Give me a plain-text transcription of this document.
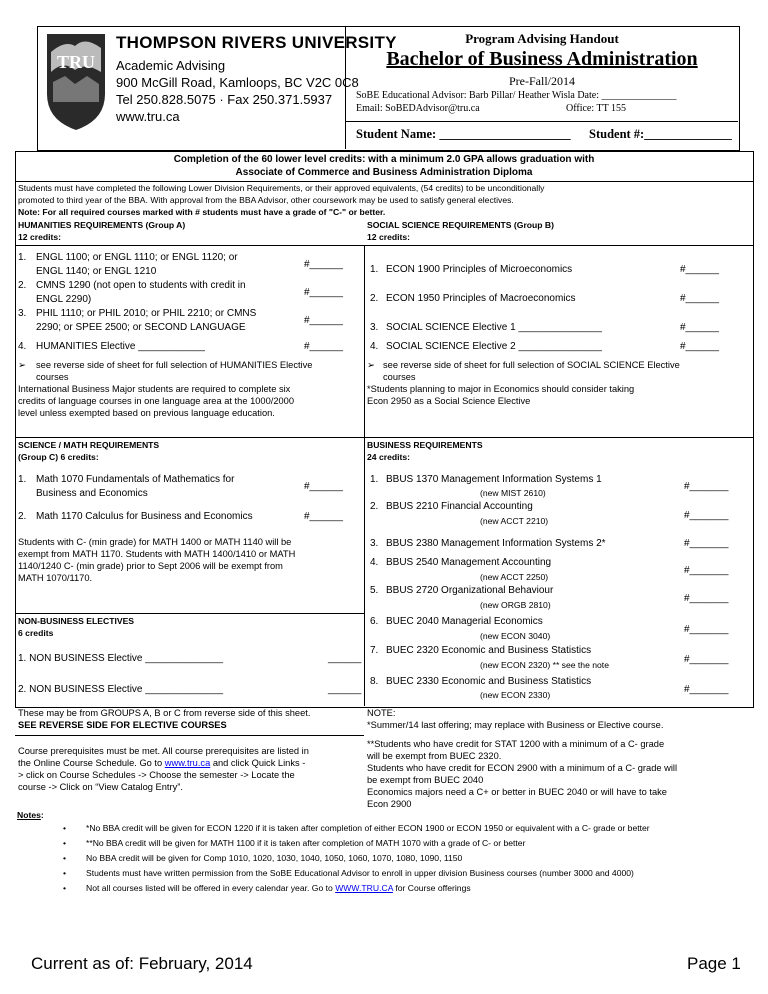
TRU
THOMPSON RIVERS UNIVERSITY
Academic Advising
900 McGill Road, Kamloops, BC V2C 0C8
Tel 250.828.5075 · Fax 250.371.5937
www.tru.ca
Program Advising Handout
Bachelor of Business Administration
Pre-Fall/2014
SoBE Educational Advisor: Barb Pillar/ Heather Wisla Date: _______________
Email: SoBEDAdvisor@tru.ca	Office: TT 155
Student Name: _____________________ Student #:______________
Completion of the 60 lower level credits: with a minimum 2.0 GPA allows graduation with
Associate of Commerce and Business Administration Diploma
Students must have completed the following Lower Division Requirements, or their approved equivalents, (54 credits) to be unconditionally
promoted to third year of the BBA. With approval from the BBA Advisor, other coursework may be used to satisfy general electives.
Note: For all required courses marked with # students must have a grade of "C-" or better.
HUMANITIES REQUIREMENTS (Group A)
12 credits:
1. ENGL 1100; or ENGL 1110; or ENGL 1120; or
ENGL 1140; or ENGL 1210
#______
2. CMNS 1290 (not open to students with credit in
ENGL 2290)
#______
3. PHIL 1110; or PHIL 2010; or PHIL 2210; or CMNS
2290; or SPEE 2500; or SECOND LANGUAGE
#______
4. HUMANITIES Elective ____________	#______
➢ see reverse side of sheet for full selection of HUMANITIES Elective
courses
International Business Major students are required to complete six
credits of language courses in one language area at the 1000/2000
level unless exempted based on previous language education.
SOCIAL SCIENCE REQUIREMENTS (Group B)
12 credits:
1. ECON 1900 Principles of Microeconomics	#______
2. ECON 1950 Principles of Macroeconomics	#______
3. SOCIAL SCIENCE Elective 1 _______________	#______
4. SOCIAL SCIENCE Elective 2 _______________	#______
➢ see reverse side of sheet for full selection of SOCIAL SCIENCE Elective
courses
*Students planning to major in Economics should consider taking
Econ 2950 as a Social Science Elective
SCIENCE / MATH REQUIREMENTS
(Group C) 6 credits:
1. Math 1070 Fundamentals of Mathematics for
Business and Economics
#______
2. Math 1170 Calculus for Business and Economics	#______
Students with C- (min grade) for MATH 1400 or MATH 1140 will be
exempt from MATH 1170. Students with MATH 1400/1410 or MATH
1140/1240 C- (min grade) prior to Sept 2006 will be exempt from
MATH 1070/1170.
NON-BUSINESS ELECTIVES
6 credits
1. NON BUSINESS Elective ______________	______
2. NON BUSINESS Elective ______________	______
These may be from GROUPS A, B or C from reverse side of this sheet.
SEE REVERSE SIDE FOR ELECTIVE COURSES
Course prerequisites must be met. All course prerequisites are listed in
the Online Course Schedule. Go to www.tru.ca and click Quick Links -
> click on Course Schedules -> Choose the semester -> Locate the
course -> Click on “View Catalog Entry”.
BUSINESS REQUIREMENTS
24 credits:
1. BBUS 1370 Management Information Systems 1
(new MIST 2610)
#_______
2. BBUS 2210 Financial Accounting
(new ACCT 2210)	#_______
3. BBUS 2380 Management Information Systems 2*	#_______
4. BBUS 2540 Management Accounting
(new ACCT 2250)
#_______
5. BBUS 2720 Organizational Behaviour
(new ORGB 2810)
#_______
6. BUEC 2040 Managerial Economics
(new ECON 3040)
#_______
7. BUEC 2320 Economic and Business Statistics
(new ECON 2320) ** see the note	#_______
8. BUEC 2330 Economic and Business Statistics
(new ECON 2330)	#_______
NOTE:
*Summer/14 last offering; may replace with Business or Elective course.
**Students who have credit for STAT 1200 with a minimum of a C- grade
will be exempt from BUEC 2320.
Students who have credit for ECON 2900 with a minimum of a C- grade will
be exempt from BUEC 2040
Economics majors need a C+ or better in BUEC 2040 or will have to take
Econ 2900
Notes:
• *No BBA credit will be given for ECON 1220 if it is taken after completion of either ECON 1900 or ECON 1950 or equivalent with a C- grade or better
• **No BBA credit will be given for MATH 1100 if it is taken after completion of MATH 1070 with a grade of C- or better
• No BBA credit will be given for Comp 1010, 1020, 1030, 1040, 1050, 1060, 1070, 1080, 1090, 1150
• Students must have written permission from the SoBE Educational Advisor to enroll in upper division Business courses (number 3000 and 4000)
• Not all courses listed will be offered in every calendar year. Go to WWW.TRU.CA for Course offerings
Current as of: February, 2014	Page 1
